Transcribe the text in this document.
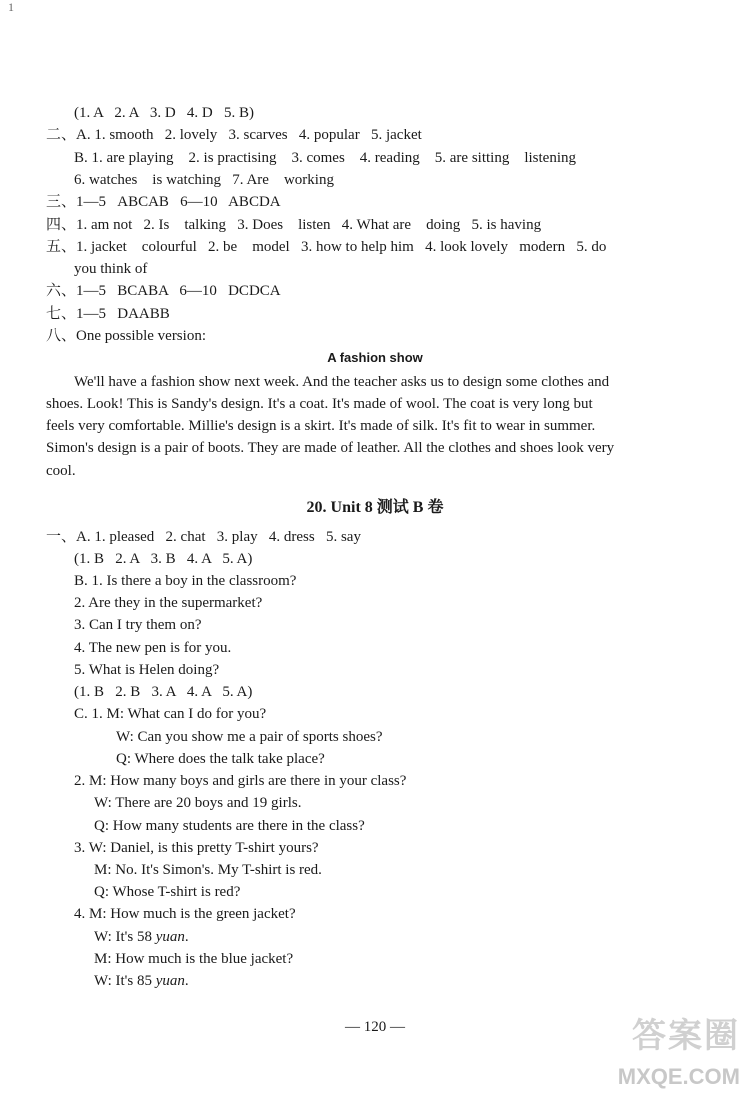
1
(1. A   2. A   3. D   4. D   5. B)
二、A. 1. smooth   2. lovely   3. scarves   4. popular   5. jacket
B. 1. are playing    2. is practising    3. comes    4. reading    5. are sitting    listening
6. watches    is watching   7. Are    working
三、1—5   ABCAB   6—10   ABCDA
四、1. am not   2. Is    talking   3. Does    listen   4. What are    doing   5. is having
五、1. jacket    colourful   2. be    model   3. how to help him   4. look lovely   modern   5. do
you think of
六、1—5   BCABA   6—10   DCDCA
七、1—5   DAABB
八、One possible version:
A fashion show
We'll have a fashion show next week. And the teacher asks us to design some clothes and
shoes. Look! This is Sandy's design. It's a coat. It's made of wool. The coat is very long but
feels very comfortable. Millie's design is a skirt. It's made of silk. It's fit to wear in summer.
Simon's design is a pair of boots. They are made of leather. All the clothes and shoes look very
cool.
20. Unit 8 测试 B 卷
一、A. 1. pleased   2. chat   3. play   4. dress   5. say
(1. B   2. A   3. B   4. A   5. A)
B. 1. Is there a boy in the classroom?
2. Are they in the supermarket?
3. Can I try them on?
4. The new pen is for you.
5. What is Helen doing?
(1. B   2. B   3. A   4. A   5. A)
C. 1. M: What can I do for you?
W: Can you show me a pair of sports shoes?
Q: Where does the talk take place?
2. M: How many boys and girls are there in your class?
W: There are 20 boys and 19 girls.
Q: How many students are there in the class?
3. W: Daniel, is this pretty T-shirt yours?
M: No. It's Simon's. My T-shirt is red.
Q: Whose T-shirt is red?
4. M: How much is the green jacket?
W: It's 58 yuan.
M: How much is the blue jacket?
W: It's 85 yuan.
— 120 —	答案圈
MXQE.COM
